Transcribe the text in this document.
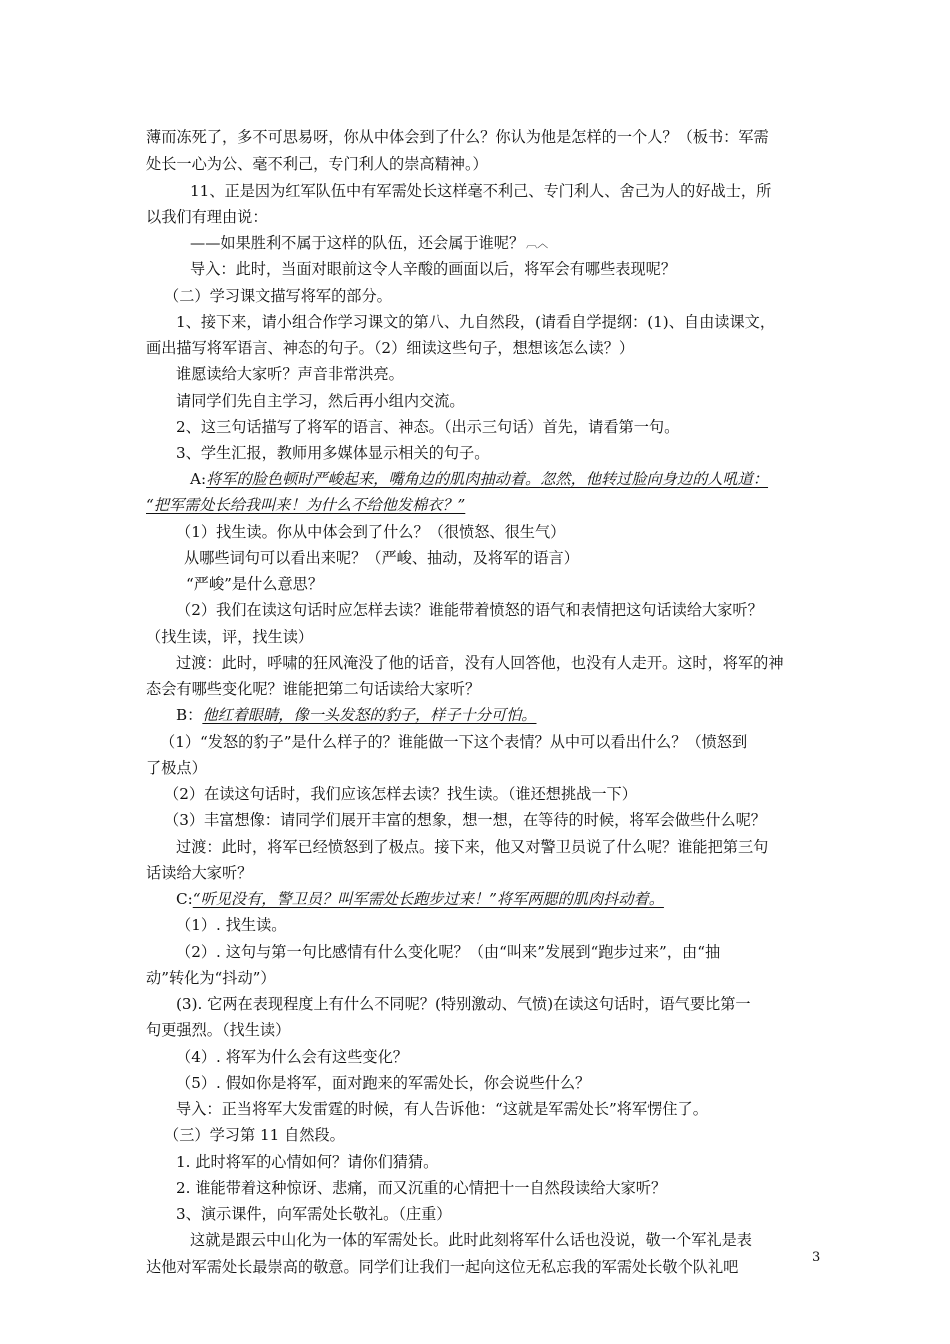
薄而冻死了，多不可思易呀，你从中体会到了什么？你认为他是怎样的一个人？（板书：军需
处长一心为公、毫不利己，专门利人的崇高精神。）
11、正是因为红军队伍中有军需处长这样毫不利己、专门利人、舍己为人的好战士，所
以我们有理由说：
——如果胜利不属于这样的队伍，还会属于谁呢？ ︹︿
导入：此时，当面对眼前这令人辛酸的画面以后，将军会有哪些表现呢？
（二）学习课文描写将军的部分。
1、接下来，请小组合作学习课文的第八、九自然段，(请看自学提纲：(1)、自由读课文，
画出描写将军语言、神态的句子。（2）细读这些句子，想想该怎么读？）
谁愿读给大家听？声音非常洪亮。
请同学们先自主学习，然后再小组内交流。
2、这三句话描写了将军的语言、神态。（出示三句话）首先，请看第一句。
3、学生汇报，教师用多媒体显示相关的句子。
A:将军的脸色顿时严峻起来，嘴角边的肌肉抽动着。忽然，他转过脸向身边的人吼道：
“把军需处长给我叫来！为什么不给他发棉衣？”
（1）找生读。你从中体会到了什么？（很愤怒、很生气）
从哪些词句可以看出来呢？（严峻、抽动，及将军的语言）
“严峻”是什么意思？
（2）我们在读这句话时应怎样去读？谁能带着愤怒的语气和表情把这句话读给大家听？
（找生读，评，找生读）
过渡：此时，呼啸的狂风淹没了他的话音，没有人回答他，也没有人走开。这时，将军的神
态会有哪些变化呢？谁能把第二句话读给大家听？
B：他红着眼睛，像一头发怒的豹子，样子十分可怕。
（1）“发怒的豹子”是什么样子的？谁能做一下这个表情？从中可以看出什么？（愤怒到
了极点）
（2）在读这句话时，我们应该怎样去读？找生读。（谁还想挑战一下）
（3）丰富想像：请同学们展开丰富的想象，想一想，在等待的时候，将军会做些什么呢？
过渡：此时，将军已经愤怒到了极点。接下来，他又对警卫员说了什么呢？谁能把第三句
话读给大家听？
C:“听见没有，警卫员？叫军需处长跑步过来！”将军两腮的肌肉抖动着。
（1）. 找生读。
（2）. 这句与第一句比感情有什么变化呢？（由“叫来”发展到“跑步过来”，由“抽
动”转化为“抖动”）
(3). 它两在表现程度上有什么不同呢？(特别激动、气愤)在读这句话时，语气要比第一
句更强烈。（找生读）
（4）. 将军为什么会有这些变化？
（5）. 假如你是将军，面对跑来的军需处长，你会说些什么？
导入：正当将军大发雷霆的时候，有人告诉他：“这就是军需处长”将军愣住了。
（三）学习第 11 自然段。
1. 此时将军的心情如何？请你们猜猜。
2. 谁能带着这种惊讶、悲痛，而又沉重的心情把十一自然段读给大家听？
3、演示课件，向军需处长敬礼。（庄重）
这就是跟云中山化为一体的军需处长。此时此刻将军什么话也没说，敬一个军礼是表
达他对军需处长最崇高的敬意。同学们让我们一起向这位无私忘我的军需处长敬个队礼吧
3
